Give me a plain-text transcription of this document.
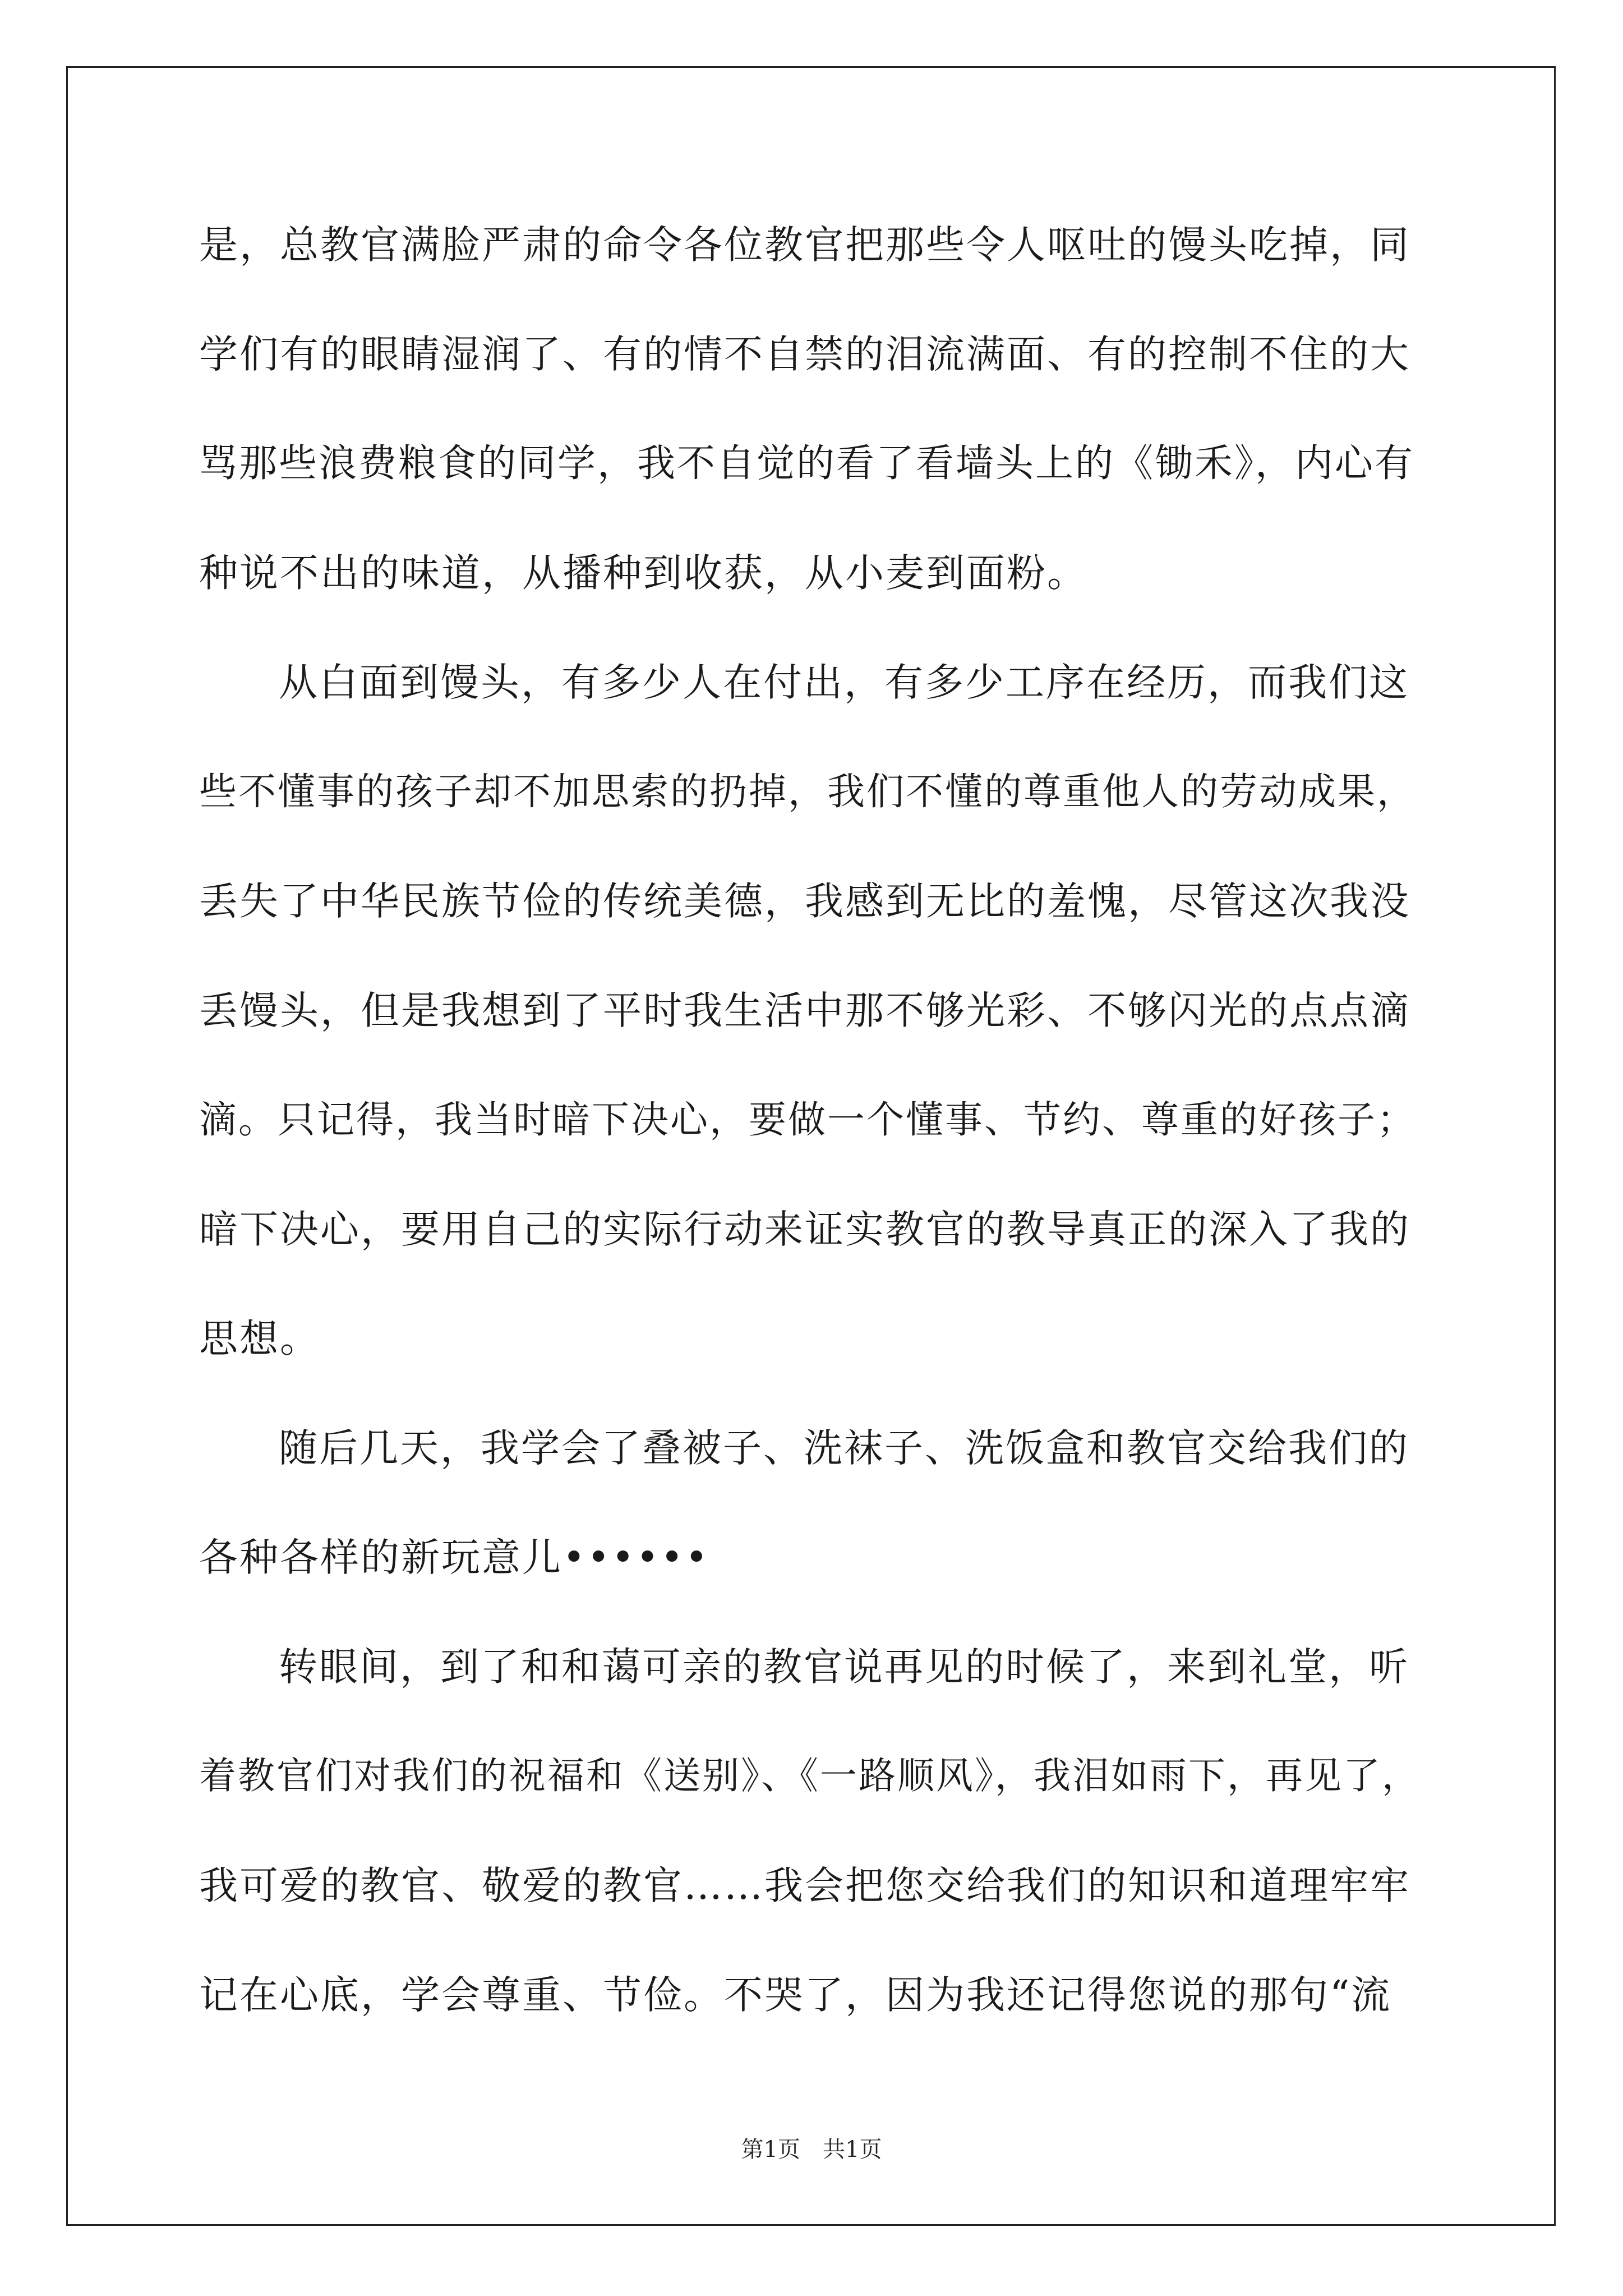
是，总教官满脸严肃的命令各位教官把那些令人呕吐的馒头吃掉，同

学们有的眼睛湿润了、有的情不自禁的泪流满面、有的控制不住的大

骂那些浪费粮食的同学，我不自觉的看了看墙头上的《锄禾》，内心有

种说不出的味道，从播种到收获，从小麦到面粉。

从白面到馒头，有多少人在付出，有多少工序在经历，而我们这

些不懂事的孩子却不加思索的扔掉，我们不懂的尊重他人的劳动成果，

丢失了中华民族节俭的传统美德，我感到无比的羞愧，尽管这次我没

丢馒头，但是我想到了平时我生活中那不够光彩、不够闪光的点点滴

滴。只记得，我当时暗下决心，要做一个懂事、节约、尊重的好孩子；

暗下决心，要用自己的实际行动来证实教官的教导真正的深入了我的

思想。

随后几天，我学会了叠被子、洗袜子、洗饭盒和教官交给我们的

各种各样的新玩意儿••••••

转眼间，到了和和蔼可亲的教官说再见的时候了，来到礼堂，听

着教官们对我们的祝福和《送别》、《一路顺风》，我泪如雨下，再见了，

我可爱的教官、敬爱的教官……我会把您交给我们的知识和道理牢牢

记在心底，学会尊重、节俭。不哭了，因为我还记得您说的那句“流

第1页　共1页
